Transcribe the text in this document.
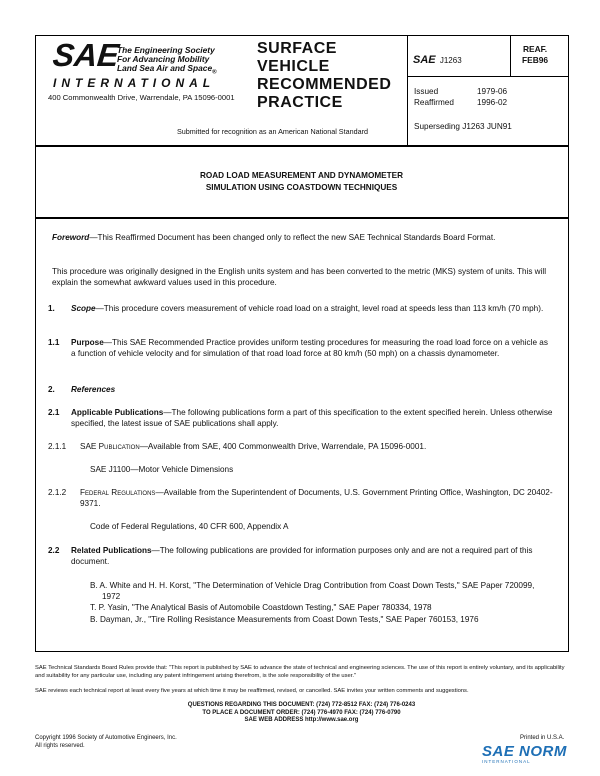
SAE
The Engineering Society
For Advancing Mobility
Land Sea Air and Space$_®$
INTERNATIONAL
400 Commonwealth Drive, Warrendale, PA 15096-0001
SURFACE
VEHICLE
RECOMMENDED
PRACTICE
Submitted for recognition as an American National Standard
SAE J1263
REAF.
FEB96
Issued	1979-06
Reaffirmed	1996-02
Superseding J1263 JUN91
ROAD LOAD MEASUREMENT AND DYNAMOMETER
SIMULATION USING COASTDOWN TECHNIQUES
Foreword—This Reaffirmed Document has been changed only to reflect the new SAE Technical Standards Board Format.
This procedure was originally designed in the English units system and has been converted to the metric (MKS) system of units. This will explain the somewhat awkward values used in this procedure.
1. Scope—This procedure covers measurement of vehicle road load on a straight, level road at speeds less than 113 km/h (70 mph).
1.1 Purpose—This SAE Recommended Practice provides uniform testing procedures for measuring the road load force on a vehicle as a function of vehicle velocity and for simulation of that road load force at 80 km/h (50 mph) on a chassis dynamometer.
2. References
2.1 Applicable Publications—The following publications form a part of this specification to the extent specified herein. Unless otherwise specified, the latest issue of SAE publications shall apply.
2.1.1 SAE Publication—Available from SAE, 400 Commonwealth Drive, Warrendale, PA 15096-0001.
SAE J1100—Motor Vehicle Dimensions
2.1.2 Federal Regulations—Available from the Superintendent of Documents, U.S. Government Printing Office, Washington, DC 20402-9371.
Code of Federal Regulations, 40 CFR 600, Appendix A
2.2 Related Publications—The following publications are provided for information purposes only and are not a required part of this document.
B. A. White and H. H. Korst, "The Determination of Vehicle Drag Contribution from Coast Down Tests," SAE Paper 720099, 1972
T. P. Yasin, "The Analytical Basis of Automobile Coastdown Testing," SAE Paper 780334, 1978
B. Dayman, Jr., "Tire Rolling Resistance Measurements from Coast Down Tests," SAE Paper 760153, 1976
SAE Technical Standards Board Rules provide that: "This report is published by SAE to advance the state of technical and engineering sciences. The use of this report is entirely voluntary, and its applicability and suitability for any particular use, including any patent infringement arising therefrom, is the sole responsibility of the user."
SAE reviews each technical report at least every five years at which time it may be reaffirmed, revised, or cancelled. SAE invites your written comments and suggestions.
QUESTIONS REGARDING THIS DOCUMENT: (724) 772-8512 FAX: (724) 776-0243
TO PLACE A DOCUMENT ORDER: (724) 776-4970 FAX: (724) 776-0790
SAE WEB ADDRESS http://www.sae.org
Copyright 1996 Society of Automotive Engineers, Inc.
All rights reserved.
Printed in U.S.A.
SAE NORM
INTERNATIONAL
